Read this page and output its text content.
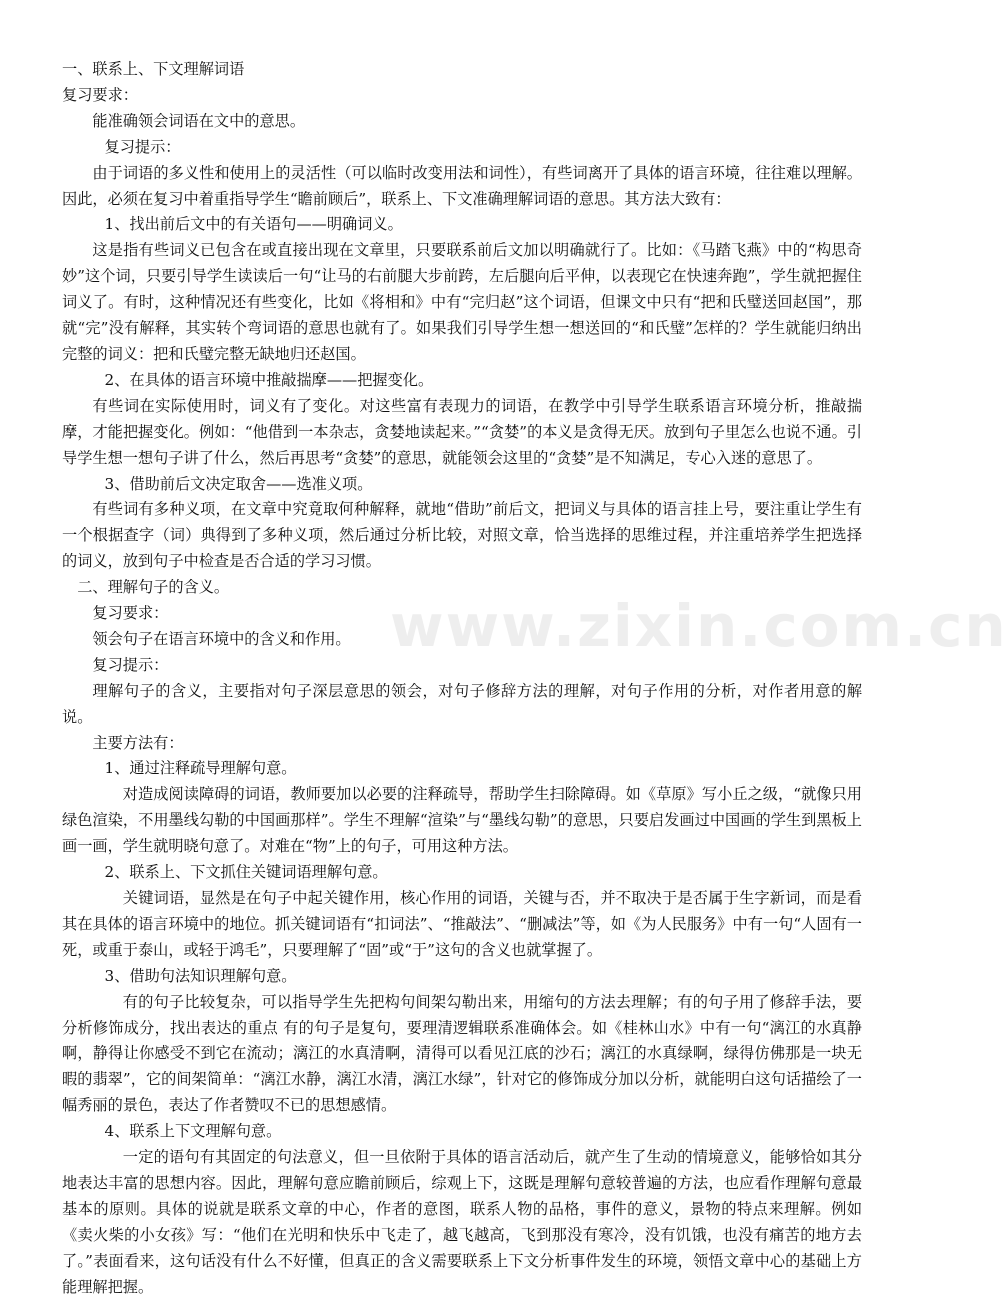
一、联系上、下文理解词语

复习要求：

能准确领会词语在文中的意思。

复习提示：

由于词语的多义性和使用上的灵活性（可以临时改变用法和词性），有些词离开了具体的语言环境，往往难以理解。因此，必须在复习中着重指导学生“瞻前顾后”，联系上、下文准确理解词语的意思。其方法大致有：

1、找出前后文中的有关语句——明确词义。

这是指有些词义已包含在或直接出现在文章里，只要联系前后文加以明确就行了。比如：《马踏飞燕》中的“构思奇妙”这个词，只要引导学生读读后一句“让马的右前腿大步前跨，左后腿向后平伸，以表现它在快速奔跑”，学生就把握住词义了。有时，这种情况还有些变化，比如《将相和》中有“完归赵”这个词语，但课文中只有“把和氏璧送回赵国”，那就“完”没有解释，其实转个弯词语的意思也就有了。如果我们引导学生想一想送回的“和氏璧”怎样的？学生就能归纳出完整的词义：把和氏璧完整无缺地归还赵国。

2、在具体的语言环境中推敲揣摩——把握变化。

有些词在实际使用时，词义有了变化。对这些富有表现力的词语，在教学中引导学生联系语言环境分析，推敲揣摩，才能把握变化。例如：“他借到一本杂志，贪婪地读起来。”“贪婪”的本义是贪得无厌。放到句子里怎么也说不通。引导学生想一想句子讲了什么，然后再思考“贪婪”的意思，就能领会这里的“贪婪”是不知满足，专心入迷的意思了。

3、借助前后文决定取舍——选准义项。

有些词有多种义项，在文章中究竟取何种解释，就地“借助”前后文，把词义与具体的语言挂上号，要注重让学生有一个根据查字（词）典得到了多种义项，然后通过分析比较，对照文章，恰当选择的思维过程，并注重培养学生把选择的词义，放到句子中检查是否合适的学习习惯。

　二、理解句子的含义。

复习要求：

领会句子在语言环境中的含义和作用。

复习提示：

理解句子的含义，主要指对句子深层意思的领会，对句子修辞方法的理解，对句子作用的分析，对作者用意的解说。

主要方法有：

1、通过注释疏导理解句意。

对造成阅读障碍的词语，教师要加以必要的注释疏导，帮助学生扫除障碍。如《草原》写小丘之级，“就像只用绿色渲染，不用墨线勾勒的中国画那样”。学生不理解“渲染”与“墨线勾勒”的意思，只要启发画过中国画的学生到黑板上画一画，学生就明晓句意了。对难在“物”上的句子，可用这种方法。

2、联系上、下文抓住关键词语理解句意。

关键词语，显然是在句子中起关键作用，核心作用的词语，关键与否，并不取决于是否属于生字新词，而是看其在具体的语言环境中的地位。抓关键词语有“扣词法”、“推敲法”、“删减法”等，如《为人民服务》中有一句“人固有一死，或重于泰山，或轻于鸿毛”，只要理解了“固”或“于”这句的含义也就掌握了。

3、借助句法知识理解句意。

有的句子比较复杂，可以指导学生先把构句间架勾勒出来，用缩句的方法去理解；有的句子用了修辞手法，要分析修饰成分，找出表达的重点 有的句子是复句，要理清逻辑联系准确体会。如《桂林山水》中有一句“漓江的水真静啊，静得让你感受不到它在流动；漓江的水真清啊，清得可以看见江底的沙石；漓江的水真绿啊，绿得仿佛那是一块无暇的翡翠”，它的间架简单：“漓江水静，漓江水清，漓江水绿”，针对它的修饰成分加以分析，就能明白这句话描绘了一幅秀丽的景色，表达了作者赞叹不已的思想感情。

4、联系上下文理解句意。

一定的语句有其固定的句法意义，但一旦依附于具体的语言活动后，就产生了生动的情境意义，能够恰如其分地表达丰富的思想内容。因此，理解句意应瞻前顾后，综观上下，这既是理解句意较普遍的方法，也应看作理解句意最基本的原则。具体的说就是联系文章的中心，作者的意图，联系人物的品格，事件的意义，景物的特点来理解。例如《卖火柴的小女孩》写：“他们在光明和快乐中飞走了，越飞越高，飞到那没有寒冷，没有饥饿，也没有痛苦的地方去了。”表面看来，这句话没有什么不好懂，但真正的含义需要联系上下文分析事件发生的环境，领悟文章中心的基础上方能理解把握。

www.zixin.com.cn
